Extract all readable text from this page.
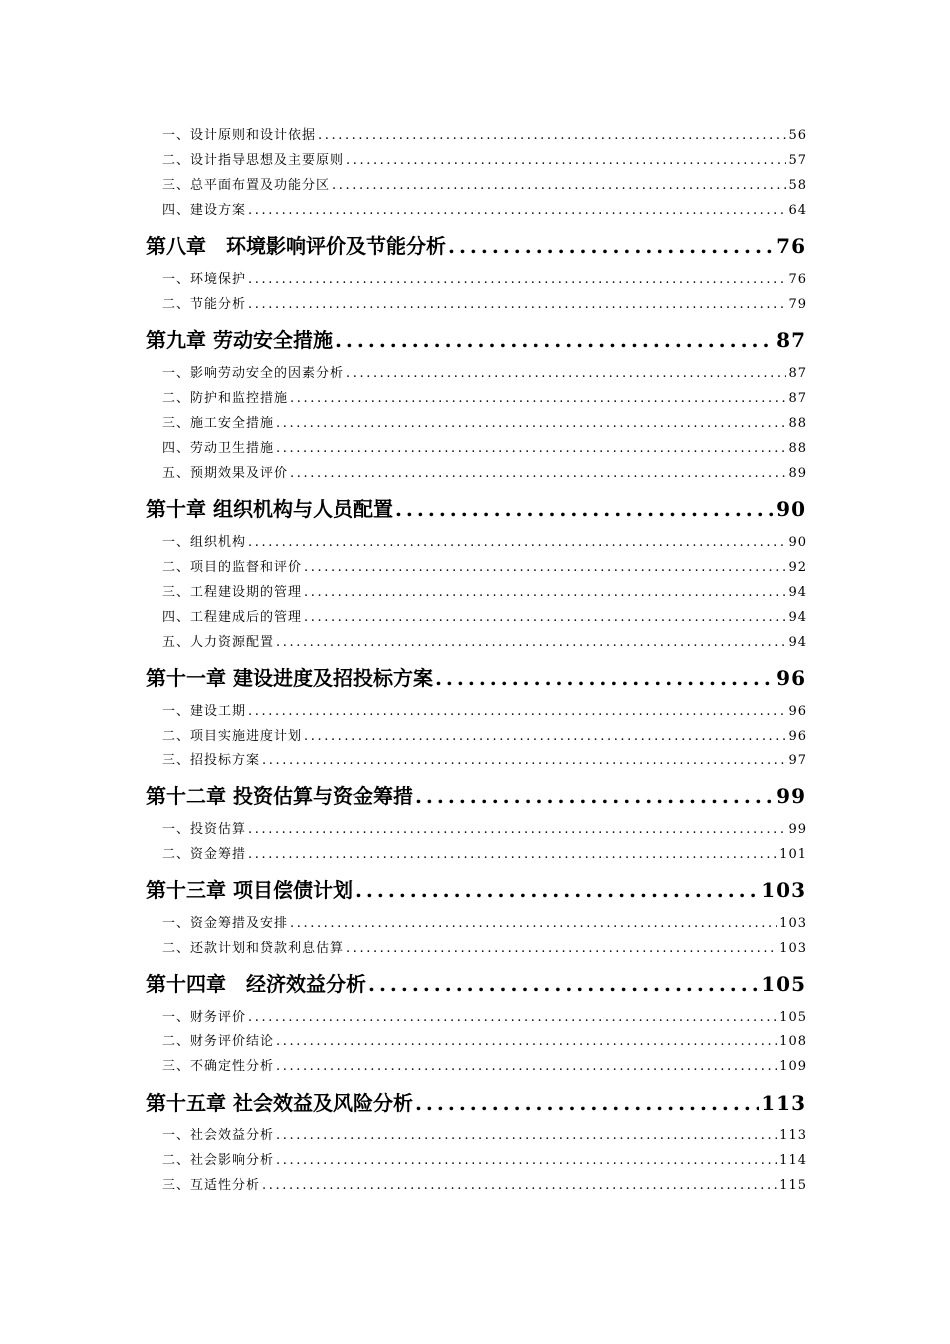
一、设计原则和设计依据 .....	56
二、设计指导思想及主要原则 .....	57
三、总平面布置及功能分区 .....	58
四、建设方案 .....	64
第八章　环境影响评价及节能分析 .....	76
一、环境保护 .....	76
二、节能分析 .....	79
第九章 劳动安全措施 .....	87
一、影响劳动安全的因素分析 .....	87
二、防护和监控措施 .....	87
三、施工安全措施 .....	88
四、劳动卫生措施 .....	88
五、预期效果及评价 .....	89
第十章 组织机构与人员配置 .....	90
一、组织机构 .....	90
二、项目的监督和评价 .....	92
三、工程建设期的管理 .....	94
四、工程建成后的管理 .....	94
五、人力资源配置 .....	94
第十一章 建设进度及招投标方案 .....	96
一、建设工期 .....	96
二、项目实施进度计划 .....	96
三、招投标方案 .....	97
第十二章 投资估算与资金筹措 .....	99
一、投资估算 .....	99
二、资金筹措 .....	101
第十三章 项目偿债计划 .....	103
一、资金筹措及安排 .....	103
二、还款计划和贷款利息估算 .....	103
第十四章　经济效益分析 .....	105
一、财务评价 .....	105
二、财务评价结论 .....	108
三、不确定性分析 .....	109
第十五章 社会效益及风险分析 .....	113
一、社会效益分析 .....	113
二、社会影响分析 .....	114
三、互适性分析 .....	115
